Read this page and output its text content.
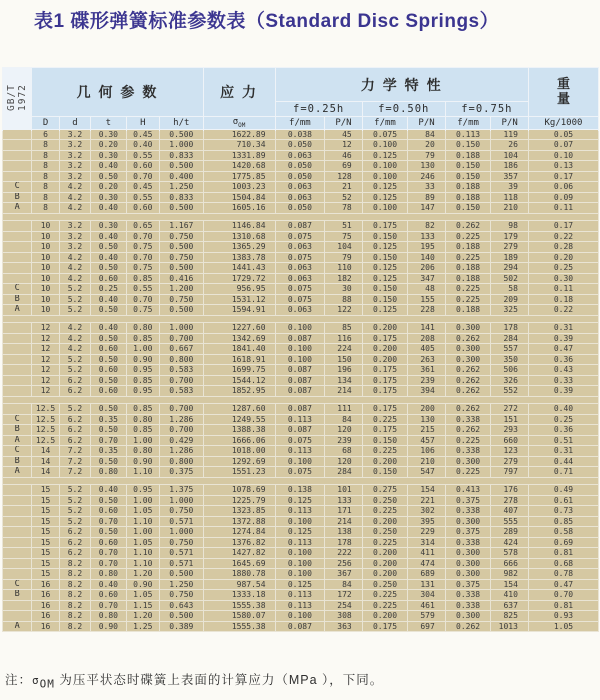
表1 碟形弹簧标准参数表（Standard Disc Springs）
GB/T 1972	几 何 参 数					应 力	力 学 特 性						重
量

							f=0.25h		f=0.50h		f=0.75h		
	D	d	t	H	h/t	$\sigma_{OM}$	f/mm	P/N	f/mm	P/N	f/mm	P/N	Kg/1000
	6	3.2	0.30	0.45	0.500	1622.89	0.038	45	0.075	84	0.113	119	0.05
	8	3.2	0.20	0.40	1.000	710.34	0.050	12	0.100	20	0.150	26	0.07
	8	3.2	0.30	0.55	0.833	1331.89	0.063	46	0.125	79	0.188	104	0.10
	8	3.2	0.40	0.60	0.500	1420.68	0.050	69	0.100	130	0.150	186	0.13
	8	3.2	0.50	0.70	0.400	1775.85	0.050	128	0.100	246	0.150	357	0.17
C	8	4.2	0.20	0.45	1.250	1003.23	0.063	21	0.125	33	0.188	39	0.06
B	8	4.2	0.30	0.55	0.833	1504.84	0.063	52	0.125	89	0.188	118	0.09
A	8	4.2	0.40	0.60	0.500	1605.16	0.050	78	0.100	147	0.150	210	0.11

	10	3.2	0.30	0.65	1.167	1146.84	0.087	51	0.175	82	0.262	98	0.17
	10	3.2	0.40	0.70	0.750	1310.68	0.075	75	0.150	133	0.225	179	0.22
	10	3.2	0.50	0.75	0.500	1365.29	0.063	104	0.125	195	0.188	279	0.28
	10	4.2	0.40	0.70	0.750	1383.78	0.075	79	0.150	140	0.225	189	0.20
	10	4.2	0.50	0.75	0.500	1441.43	0.063	110	0.125	206	0.188	294	0.25
	10	4.2	0.60	0.85	0.416	1729.72	0.063	182	0.125	347	0.188	502	0.30
C	10	5.2	0.25	0.55	1.200	956.95	0.075	30	0.150	48	0.225	58	0.11
B	10	5.2	0.40	0.70	0.750	1531.12	0.075	88	0.150	155	0.225	209	0.18
A	10	5.2	0.50	0.75	0.500	1594.91	0.063	122	0.125	228	0.188	325	0.22

	12	4.2	0.40	0.80	1.000	1227.60	0.100	85	0.200	141	0.300	178	0.31
	12	4.2	0.50	0.85	0.700	1342.69	0.087	116	0.175	208	0.262	284	0.39
	12	4.2	0.60	1.00	0.667	1841.40	0.100	224	0.200	405	0.300	557	0.47
	12	5.2	0.50	0.90	0.800	1618.91	0.100	150	0.200	263	0.300	350	0.36
	12	5.2	0.60	0.95	0.583	1699.75	0.087	196	0.175	361	0.262	506	0.43
	12	6.2	0.50	0.85	0.700	1544.12	0.087	134	0.175	239	0.262	326	0.33
	12	6.2	0.60	0.95	0.583	1852.95	0.087	214	0.175	394	0.262	552	0.39

	12.5	5.2	0.50	0.85	0.700	1287.60	0.087	111	0.175	200	0.262	272	0.40
C	12.5	6.2	0.35	0.80	1.286	1249.55	0.113	84	0.225	130	0.338	151	0.25
B	12.5	6.2	0.50	0.85	0.700	1388.38	0.087	120	0.175	215	0.262	293	0.36
A	12.5	6.2	0.70	1.00	0.429	1666.06	0.075	239	0.150	457	0.225	660	0.51
C	14	7.2	0.35	0.80	1.286	1018.00	0.113	68	0.225	106	0.338	123	0.31
B	14	7.2	0.50	0.90	0.800	1292.69	0.100	120	0.200	210	0.300	279	0.44
A	14	7.2	0.80	1.10	0.375	1551.23	0.075	284	0.150	547	0.225	797	0.71

	15	5.2	0.40	0.95	1.375	1078.69	0.138	101	0.275	154	0.413	176	0.49
	15	5.2	0.50	1.00	1.000	1225.79	0.125	133	0.250	221	0.375	278	0.61
	15	5.2	0.60	1.05	0.750	1323.85	0.113	171	0.225	302	0.338	407	0.73
	15	5.2	0.70	1.10	0.571	1372.88	0.100	214	0.200	395	0.300	555	0.85
	15	6.2	0.50	1.00	1.000	1274.84	0.125	138	0.250	229	0.375	289	0.58
	15	6.2	0.60	1.05	0.750	1376.82	0.113	178	0.225	314	0.338	424	0.69
	15	6.2	0.70	1.10	0.571	1427.82	0.100	222	0.200	411	0.300	578	0.81
	15	8.2	0.70	1.10	0.571	1645.69	0.100	256	0.200	474	0.300	666	0.68
	15	8.2	0.80	1.20	0.500	1880.78	0.100	367	0.200	689	0.300	982	0.78
C	16	8.2	0.40	0.90	1.250	987.54	0.125	84	0.250	131	0.375	154	0.47
B	16	8.2	0.60	1.05	0.750	1333.18	0.113	172	0.225	304	0.338	410	0.70
	16	8.2	0.70	1.15	0.643	1555.38	0.113	254	0.225	461	0.338	637	0.81
	16	8.2	0.80	1.20	0.500	1580.07	0.100	308	0.200	579	0.300	825	0.93
A	16	8.2	0.90	1.25	0.389	1555.38	0.087	363	0.175	697	0.262	1013	1.05
注：$\sigma_{OM}$ 为压平状态时碟簧上表面的计算应力（MPa ），下同。
